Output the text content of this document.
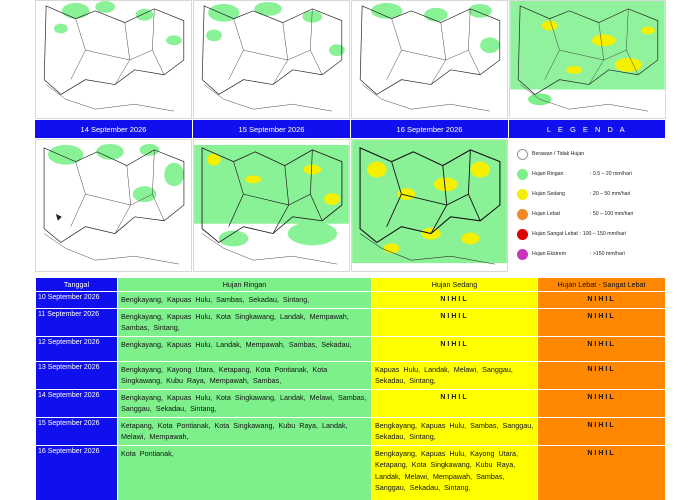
14 September 2026	15 September 2026	16 September 2026	L E G E N D A
Berawan / Tidak Hujan
Hujan Ringan	: 0.5 – 20 mm/hari
Hujan Sedang	: 20 – 50 mm/hari
Hujan Lebat	: 50 – 100 mm/hari
Hujan Sangat Lebat : 100 – 150 mm/hari
Hujan Ekstrem	: >150 mm/hari
Tanggal	Hujan Ringan	Hujan Sedang	Hujan Lebat - Sangat Lebat
10 September 2026	Bengkayang, Kapuas Hulu, Sambas, Sekadau, Sintang,	NIHIL	NIHIL

11 September 2026	Bengkayang, Kapuas Hulu, Kota Singkawang, Landak, Mempawah, Sambas, Sintang,	NIHIL	NIHIL

12 September 2026	Bengkayang, Kapuas Hulu, Landak, Mempawah, Sambas, Sekadau,	NIHIL	NIHIL

13 September 2026	Bengkayang, Kayong Utara, Ketapang, Kota Pontianak, Kota Singkawang, Kubu Raya, Mempawah, Sambas,	Kapuas Hulu, Landak, Melawi, Sanggau, Sekadau, Sintang,	NIHIL

14 September 2026	Bengkayang, Kapuas Hulu, Kota Singkawang, Landak, Melawi, Sambas, Sanggau, Sekadau, Sintang,	NIHIL	NIHIL

15 September 2026	Ketapang, Kota Pontianak, Kota Singkawang, Kubu Raya, Landak, Melawi, Mempawah,	Bengkayang, Kapuas Hulu, Sambas, Sanggau, Sekadau, Sintang,	NIHIL

16 September 2026	Kota Pontianak,	Bengkayang, Kapuas Hulu, Kayong Utara, Ketapang, Kota Singkawang, Kubu Raya, Landak, Melawi, Mempawah, Sambas, Sanggau, Sekadau, Sintang,	NIHIL
